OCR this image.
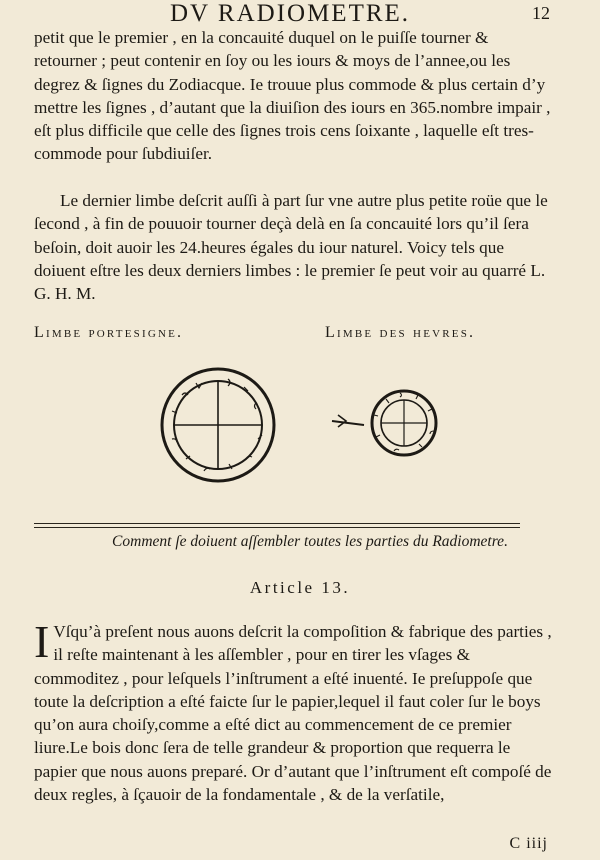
DV RADIOMETRE.	12

petit que le premier , en la concauité duquel on le puiſſe tourner & retourner ; peut contenir en ſoy ou les iours & moys de l’annee,ou les degrez & ſignes du Zodiacque. Ie trouue plus commode & plus certain d’y mettre les ſignes , d’autant que la diuiſion des iours en 365.nombre impair , eſt plus difficile que celle des ſignes trois cens ſoixante , laquelle eſt tres-commode pour ſubdiuiſer.

Le dernier limbe deſcrit auſſi à part ſur vne autre plus petite roüe que le ſecond , à fin de pouuoir tourner deçà delà en ſa concauité lors qu’il ſera beſoin, doit auoir les 24.heures égales du iour naturel. Voicy tels que doiuent eſtre les deux derniers limbes : le premier ſe peut voir au quarré L. G. H. M.

Limbe portesigne.	Limbe des hevres.
Comment ſe doiuent aſſembler toutes les parties du Radiometre.
Article 13.

I Vſqu’à preſent nous auons deſcrit la compoſition & fabrique des parties , il reſte maintenant à les aſſembler , pour en tirer les vſages & commoditez , pour leſquels l’inſtrument a eſté inuenté. Ie preſuppoſe que toute la deſcription a eſté faicte ſur le papier,lequel il faut coler ſur le boys qu’on aura choiſy,comme a eſté dict au commencement de ce premier liure.Le bois donc ſera de telle grandeur & proportion que requerra le papier que nous auons preparé. Or d’autant que l’inſtrument eſt compoſé de deux regles, à ſçauoir de la fondamentale , & de la verſatile,

C iiij
